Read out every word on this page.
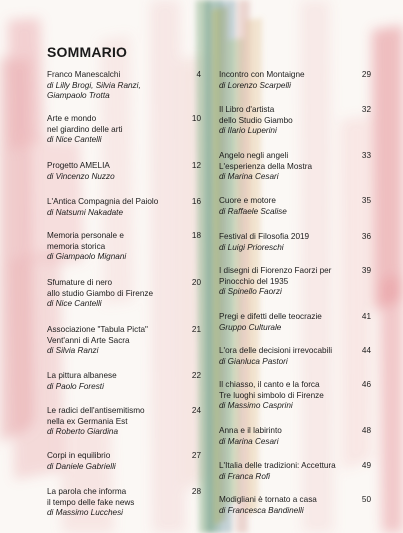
SOMMARIO
Franco Manescalchi
di Lilly Brogi, Silvia Ranzi,
Giampaolo Trotta
4
Arte e mondo
nel giardino delle arti
di Nice Cantelli
10
Progetto AMELIA
di Vincenzo Nuzzo
12
L'Antica Compagnia del Paiolo
di Natsumi Nakadate
16
Memoria personale e
memoria storica
di Giampaolo Mignani
18
Sfumature di nero
allo studio Giambo di Firenze
di Nice Cantelli
20
Associazione "Tabula Picta"
Vent'anni di Arte Sacra
di Silvia Ranzi
21
La pittura albanese
di Paolo Foresti
22
Le radici dell'antisemitismo
nella ex Germania Est
di Roberto Giardina
24
Corpi in equilibrio
di Daniele Gabrielli
27
La parola che informa
il tempo delle fake news
di Massimo Lucchesi
28
Incontro con Montaigne
di Lorenzo Scarpelli
29
Il Libro d'artista
dello Studio Giambo
di Ilario Luperini
32
Angelo negli angeli
L'esperienza della Mostra
di Marina Cesari
33
Cuore e motore
di Raffaele Scalise
35
Festival di Filosofia 2019
di Luigi Prioreschi
36
I disegni di Fiorenzo Faorzi per
Pinocchio del 1935
di Spinello Faorzi
39
Pregi e difetti delle teocrazie
Gruppo Culturale
41
L'ora delle decisioni irrevocabili
di Gianluca Pastori
44
Il chiasso, il canto e la forca
Tre luoghi simbolo di Firenze
di Massimo Casprini
46
Anna e il labirinto
di Marina Cesari
48
L'Italia delle tradizioni: Accettura
di Franca Rofi
49
Modigliani è tornato a casa
di Francesca Bandinelli
50
